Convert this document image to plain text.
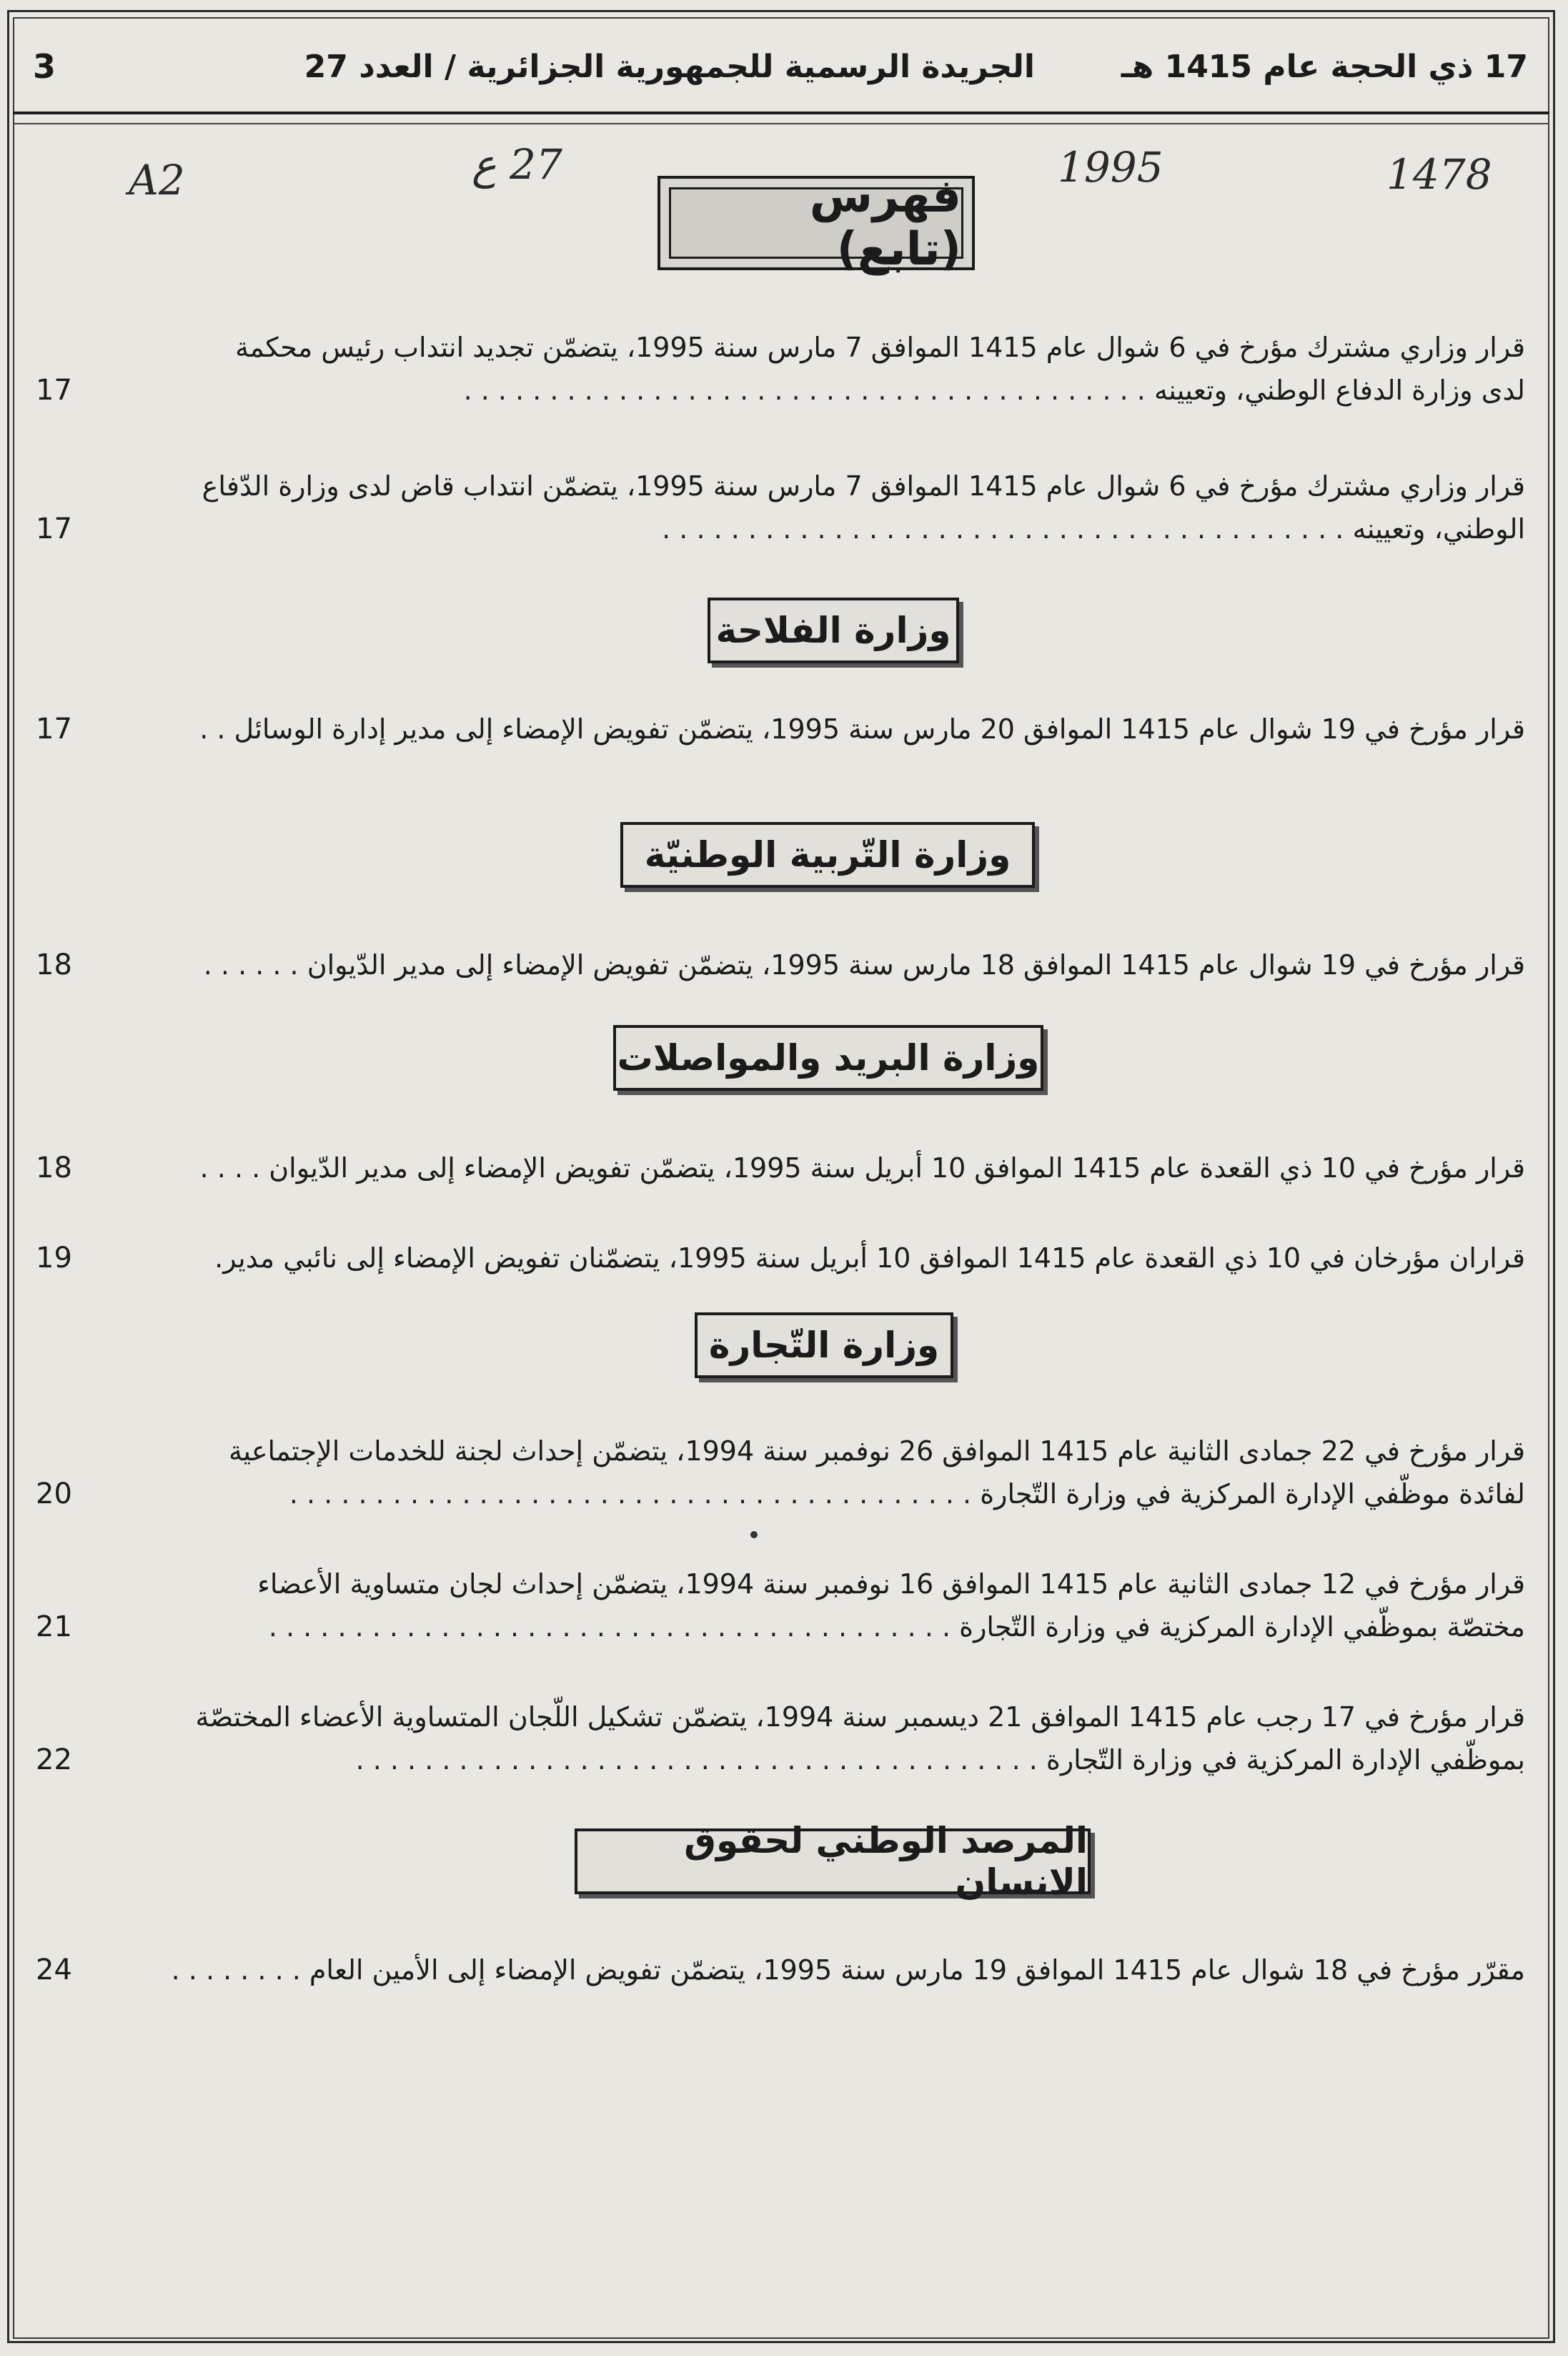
17 ذي الحجة عام 1415 هـ
الجريدة الرسمية للجمهورية الجزائرية / العدد 27
3
A2	27 ع	1995	1478
فهرس (تابع)
قرار وزاري مشترك مؤرخ في 6 شوال عام 1415 الموافق 7 مارس سنة 1995، يتضمّن تجديد انتداب رئيس محكمة
لدى وزارة الدفاع الوطني، وتعيينه . . . . . . . . . . . . . . . . . . . . . . . . . . . . . . . . . . . . . . . .
17
قرار وزاري مشترك مؤرخ في 6 شوال عام 1415 الموافق 7 مارس سنة 1995، يتضمّن انتداب قاض لدى وزارة الدّفاع
الوطني، وتعيينه . . . . . . . . . . . . . . . . . . . . . . . . . . . . . . . . . . . . . . . .
17
وزارة الفلاحة
قرار مؤرخ في 19 شوال عام 1415 الموافق 20 مارس سنة 1995، يتضمّن تفويض الإمضاء إلى مدير إدارة الوسائل . .
17
وزارة التّربية الوطنيّة
قرار مؤرخ في 19 شوال عام 1415 الموافق 18 مارس سنة 1995، يتضمّن تفويض الإمضاء إلى مدير الدّيوان . . . . . .
18
وزارة البريد والمواصلات
قرار مؤرخ في 10 ذي القعدة عام 1415 الموافق 10 أبريل سنة 1995، يتضمّن تفويض الإمضاء إلى مدير الدّيوان . . . .
18
قراران مؤرخان في 10 ذي القعدة عام 1415 الموافق 10 أبريل سنة 1995، يتضمّنان تفويض الإمضاء إلى نائبي مدير.
19
وزارة التّجارة
قرار مؤرخ في 22 جمادى الثانية عام 1415 الموافق 26 نوفمبر سنة 1994، يتضمّن إحداث لجنة للخدمات الإجتماعية
لفائدة موظّفي الإدارة المركزية في وزارة التّجارة . . . . . . . . . . . . . . . . . . . . . . . . . . . . . . . . . . . . . . . .
20
قرار مؤرخ في 12 جمادى الثانية عام 1415 الموافق 16 نوفمبر سنة 1994، يتضمّن إحداث لجان متساوية الأعضاء
مختصّة بموظّفي الإدارة المركزية في وزارة التّجارة . . . . . . . . . . . . . . . . . . . . . . . . . . . . . . . . . . . . . . . .
21
قرار مؤرخ في 17 رجب عام 1415 الموافق 21 ديسمبر سنة 1994، يتضمّن تشكيل اللّجان المتساوية الأعضاء المختصّة
بموظّفي الإدارة المركزية في وزارة التّجارة . . . . . . . . . . . . . . . . . . . . . . . . . . . . . . . . . . . . . . . .
22
المرصد الوطني لحقوق الانسان
مقرّر مؤرخ في 18 شوال عام 1415 الموافق 19 مارس سنة 1995، يتضمّن تفويض الإمضاء إلى الأمين العام . . . . . . . .
24
